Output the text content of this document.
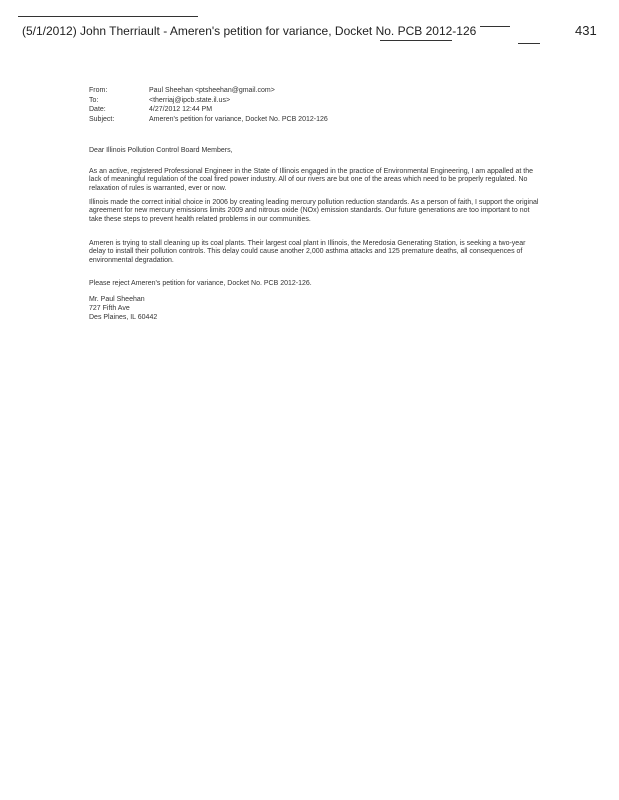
(5/1/2012) John Therriault - Ameren's petition for variance, Docket No. PCB 2012-126	431
From:	Paul Sheehan <ptsheehan@gmail.com>
To:	<therriaj@ipcb.state.il.us>
Date:	4/27/2012 12:44 PM
Subject:	Ameren's petition for variance, Docket No. PCB 2012-126
Dear Illinois Pollution Control Board Members,

As an active, registered Professional Engineer in the State of Illinois engaged in the practice of Environmental Engineering, I am appalled at the lack of meaningful regulation of the coal fired power industry. All of our rivers are but one of the areas which need to be properly regulated. No relaxation of rules is warranted, ever or now.

Illinois made the correct initial choice in 2006 by creating leading mercury pollution reduction standards. As a person of faith, I support the original agreement for new mercury emissions limits 2009 and nitrous oxide (NOx) emission standards. Our future generations are too important to not take these steps to prevent health related problems in our communities.

Ameren is trying to stall cleaning up its coal plants. Their largest coal plant in Illinois, the Meredosia Generating Station, is seeking a two-year delay to install their pollution controls. This delay could cause another 2,000 asthma attacks and 125 premature deaths, all consequences of environmental degradation.

Please reject Ameren's petition for variance, Docket No. PCB 2012-126.
Mr. Paul Sheehan
727 Fifth Ave
Des Plaines, IL 60442
